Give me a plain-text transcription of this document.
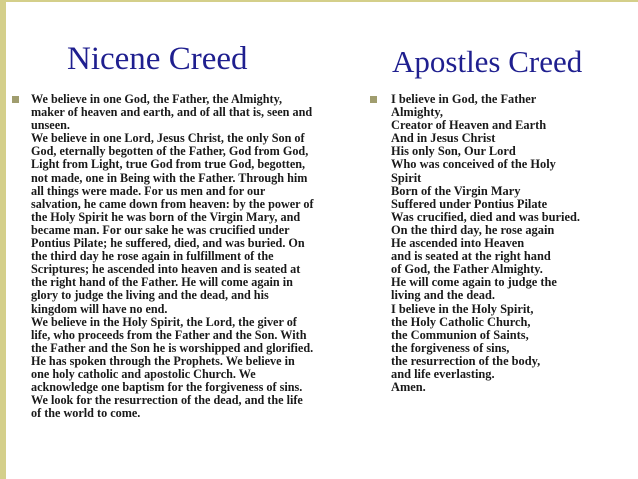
Nicene Creed	Apostles Creed
We believe in one God, the Father, the Almighty,
maker of heaven and earth, and of all that is, seen and
unseen.
We believe in one Lord, Jesus Christ, the only Son of
God, eternally begotten of the Father, God from God,
Light from Light, true God from true God, begotten,
not made, one in Being with the Father. Through him
all things were made. For us men and for our
salvation, he came down from heaven: by the power of
the Holy Spirit he was born of the Virgin Mary, and
became man. For our sake he was crucified under
Pontius Pilate; he suffered, died, and was buried. On
the third day he rose again in fulfillment of the
Scriptures; he ascended into heaven and is seated at
the right hand of the Father. He will come again in
glory to judge the living and the dead, and his
kingdom will have no end.
We believe in the Holy Spirit, the Lord, the giver of
life, who proceeds from the Father and the Son. With
the Father and the Son he is worshipped and glorified.
He has spoken through the Prophets. We believe in
one holy catholic and apostolic Church. We
acknowledge one baptism for the forgiveness of sins.
We look for the resurrection of the dead, and the life
of the world to come.
I believe in God, the Father
Almighty,
Creator of Heaven and Earth
And in Jesus Christ
His only Son, Our Lord
Who was conceived of the Holy
Spirit
Born of the Virgin Mary
Suffered under Pontius Pilate
Was crucified, died and was buried.
On the third day, he rose again
He ascended into Heaven
and is seated at the right hand
of God, the Father Almighty.
He will come again to judge the
living and the dead.
I believe in the Holy Spirit,
the Holy Catholic Church,
the Communion of Saints,
the forgiveness of sins,
the resurrection of the body,
and life everlasting.
Amen.
